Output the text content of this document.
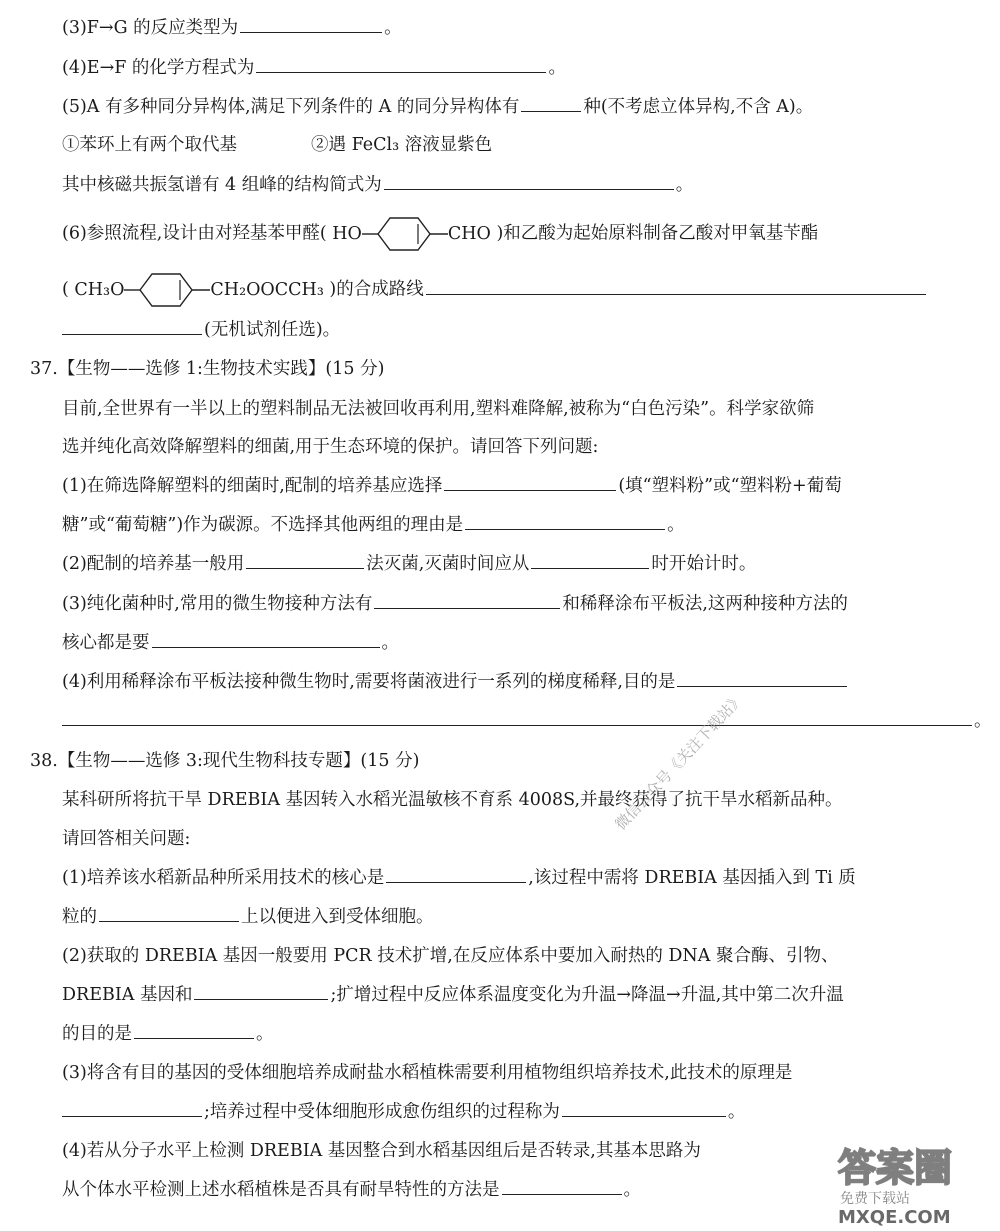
(3)F→G 的反应类型为	。
(4)E→F 的化学方程式为	。
(5)A 有多种同分异构体,满足下列条件的 A 的同分异构体有	种(不考虑立体异构,不含 A)。
①苯环上有两个取代基	②遇 FeCl₃ 溶液显紫色
其中核磁共振氢谱有 4 组峰的结构简式为	。
(6)参照流程,设计由对羟基苯甲醛( HO	CHO )和乙酸为起始原料制备乙酸对甲氧基苄酯
( CH₃O	CH₂OOCCH₃ )的合成路线
(无机试剂任选)。
37.【生物——选修 1:生物技术实践】(15 分)
目前,全世界有一半以上的塑料制品无法被回收再利用,塑料难降解,被称为“白色污染”。科学家欲筛
选并纯化高效降解塑料的细菌,用于生态环境的保护。请回答下列问题:
(1)在筛选降解塑料的细菌时,配制的培养基应选择	(填“塑料粉”或“塑料粉+葡萄
糖”或“葡萄糖”)作为碳源。不选择其他两组的理由是	。
(2)配制的培养基一般用	法灭菌,灭菌时间应从	时开始计时。
(3)纯化菌种时,常用的微生物接种方法有	和稀释涂布平板法,这两种接种方法的
核心都是要	。
(4)利用稀释涂布平板法接种微生物时,需要将菌液进行一系列的梯度稀释,目的是
。
38.【生物——选修 3:现代生物科技专题】(15 分)
某科研所将抗干旱 DREBIA 基因转入水稻光温敏核不育系 4008S,并最终获得了抗干旱水稻新品种。
请回答相关问题:
(1)培养该水稻新品种所采用技术的核心是	,该过程中需将 DREBIA 基因插入到 Ti 质
粒的	上以便进入到受体细胞。
(2)获取的 DREBIA 基因一般要用 PCR 技术扩增,在反应体系中要加入耐热的 DNA 聚合酶、引物、
DREBIA 基因和	;扩增过程中反应体系温度变化为升温→降温→升温,其中第二次升温
的目的是	。
(3)将含有目的基因的受体细胞培养成耐盐水稻植株需要利用植物组织培养技术,此技术的原理是
;培养过程中受体细胞形成愈伤组织的过程称为	。
(4)若从分子水平上检测 DREBIA 基因整合到水稻基因组后是否转录,其基本思路为
从个体水平检测上述水稻植株是否具有耐旱特性的方法是	。
微信公众号《关注下载站》
答案圈
免费下载站
MXQE.COM
